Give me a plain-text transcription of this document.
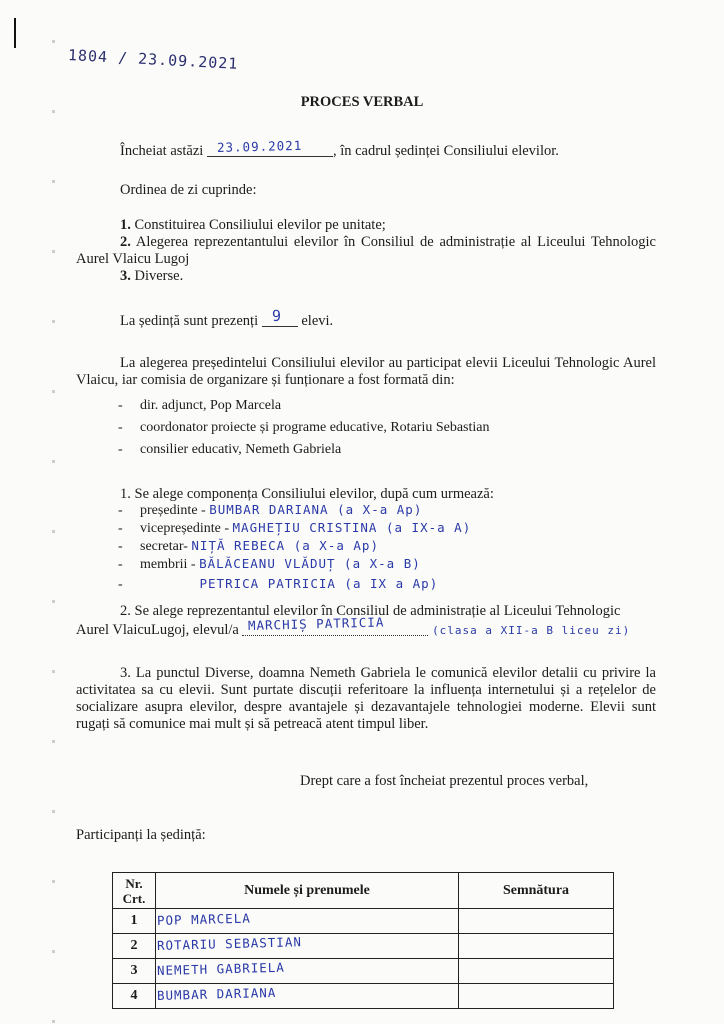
1804 / 23.09.2021
PROCES VERBAL
Încheiat astăzi 23.09.2021 , în cadrul ședinței Consiliului elevilor.
Ordinea de zi cuprinde:
1. Constituirea Consiliului elevilor pe unitate;
2. Alegerea reprezentantului elevilor în Consiliul de administrație al Liceului Tehnologic Aurel Vlaicu Lugoj
3. Diverse.
La ședință sunt prezenți 9 elevi.
La alegerea președintelui Consiliului elevilor au participat elevii Liceului Tehnologic Aurel Vlaicu, iar comisia de organizare și funționare a fost formată din:
- dir. adjunct, Pop Marcela
- coordonator proiecte și programe educative, Rotariu Sebastian
- consilier educativ, Nemeth Gabriela
1. Se alege componența Consiliului elevilor, după cum urmează:
- președinte - BUMBAR DARIANA (a X-a Ap)
- vicepreședinte - MAGHEȚIU CRISTINA (a IX-a A)
- secretar- NIȚĂ REBECA (a X-a Ap)
- membrii - BĂLĂCEANU VLĂDUȚ (a X-a B)
-	PETRICA PATRICIA (a IX a Ap)
2. Se alege reprezentantul elevilor în Consiliul de administrație al Liceului Tehnologic
Aurel VlaicuLugoj, elevul/a MARCHIȘ PATRICIA	(clasa a XII-a B liceu zi)
3. La punctul Diverse, doamna Nemeth Gabriela le comunică elevilor detalii cu privire la activitatea sa cu elevii. Sunt purtate discuții referitoare la influența internetului și a rețelelor de socializare asupra elevilor, despre avantajele și dezavantajele tehnologiei moderne. Elevii sunt rugați să comunice mai mult și să petreacă atent timpul liber.
Drept care a fost încheiat prezentul proces verbal,
Participanți la ședință:
Nr. Crt.	Numele și prenumele	Semnătura
1	POP MARCELA	
2	ROTARIU SEBASTIAN	
3	NEMETH GABRIELA	
4	BUMBAR DARIANA	
